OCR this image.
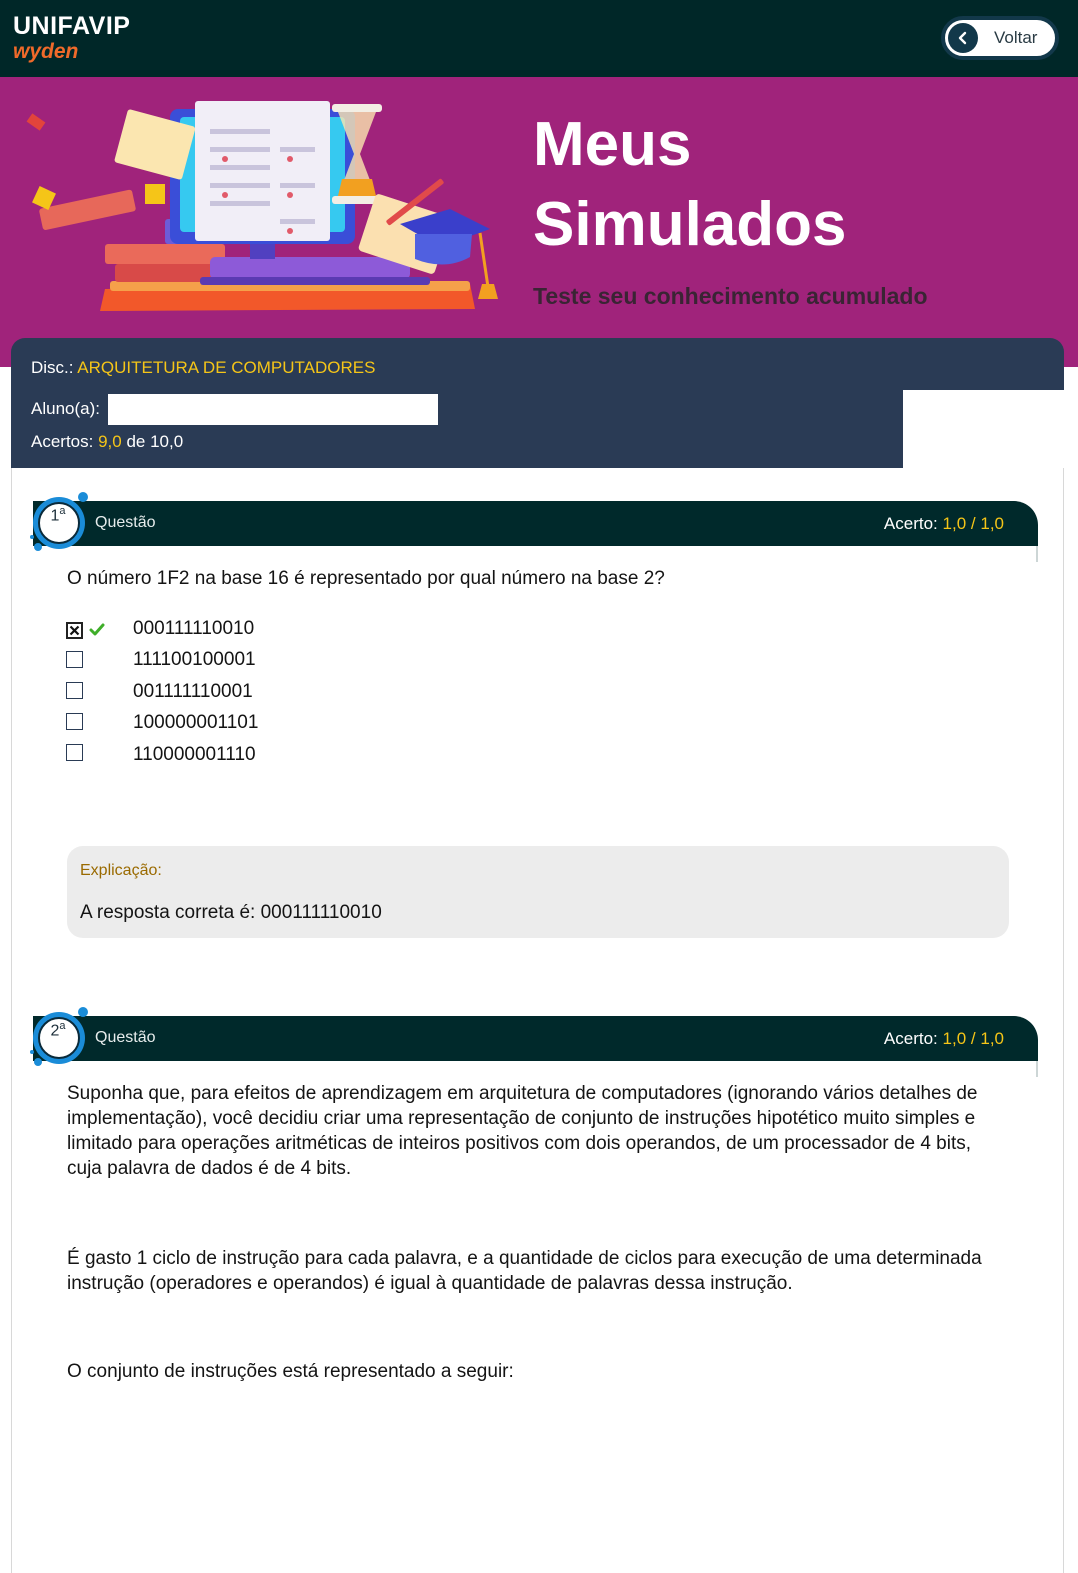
UNIFAVIP
wyden
Voltar
Meus
Simulados
Teste seu conhecimento acumulado
Disc.: ARQUITETURA DE COMPUTADORES
Aluno(a):
Acertos: 9,0 de 10,0
Questão	Acerto: 1,0 / 1,0
1$^a$
O número 1F2 na base 16 é representado por qual número na base 2?
000111110010
111100100001
001111110001
100000001101
110000001110
Explicação:
A resposta correta é: 000111110010
Questão	Acerto: 1,0 / 1,0
2$^a$
Suponha que, para efeitos de aprendizagem em arquitetura de computadores (ignorando vários detalhes de implementação), você decidiu criar uma representação de conjunto de instruções hipotético muito simples e limitado para operações aritméticas de inteiros positivos com dois operandos, de um processador de 4 bits, cuja palavra de dados é de 4 bits.
É gasto 1 ciclo de instrução para cada palavra, e a quantidade de ciclos para execução de uma determinada instrução (operadores e operandos) é igual à quantidade de palavras dessa instrução.
O conjunto de instruções está representado a seguir:
